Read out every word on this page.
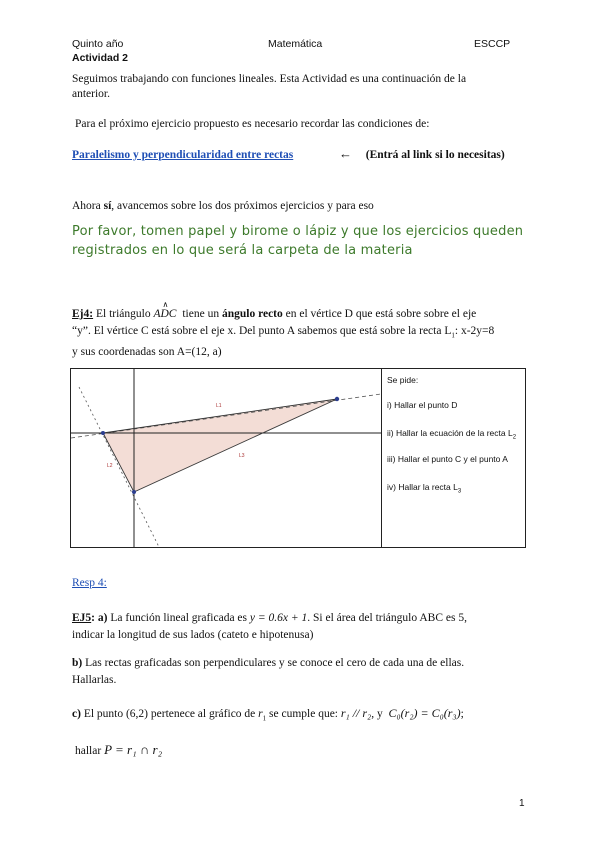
Quinto año	Matemática	ESCCP
Actividad 2

Seguimos trabajando con funciones lineales. Esta Actividad es una continuación de la

anterior.

Para el próximo ejercicio propuesto es necesario recordar las condiciones de:
Paralelismo y perpendicularidad entre rectas	← (Entrá al link si lo necesitas)
Ahora sí, avancemos sobre los dos próximos ejercicios y para eso

Por favor, tomen papel y birome o lápiz y que los ejercicios queden

registrados en lo que será la carpeta de la materia

Ej4: El triángulo
∧
ADC tiene un ángulo recto en el vértice D que está sobre sobre el eje

“y”. El vértice C está sobre el eje x. Del punto A sabemos que está sobre la recta $L_1$: x-2y=8

y sus coordenadas son A=(12, a)

L1
L2
L3
Se pide:
i) Hallar el punto D
ii) Hallar la ecuación de la recta $L_2$
iii) Hallar el punto C y el punto A
iv) Hallar la recta $L_3$
Resp 4:

EJ5: a) La función lineal graficada es y = 0.6x + 1. Si el área del triángulo ABC es 5,

indicar la longitud de sus lados (cateto e hipotenusa)

b) Las rectas graficadas son perpendiculares y se conoce el cero de cada una de ellas.

Hallarlas.

c) El punto (6,2) pertenece al gráfico de $r_1$ se cumple que: r₁ // r₂, y C₀(r₂) = C₀(r₃);
hallar P = r₁ ∩ r₂
1
